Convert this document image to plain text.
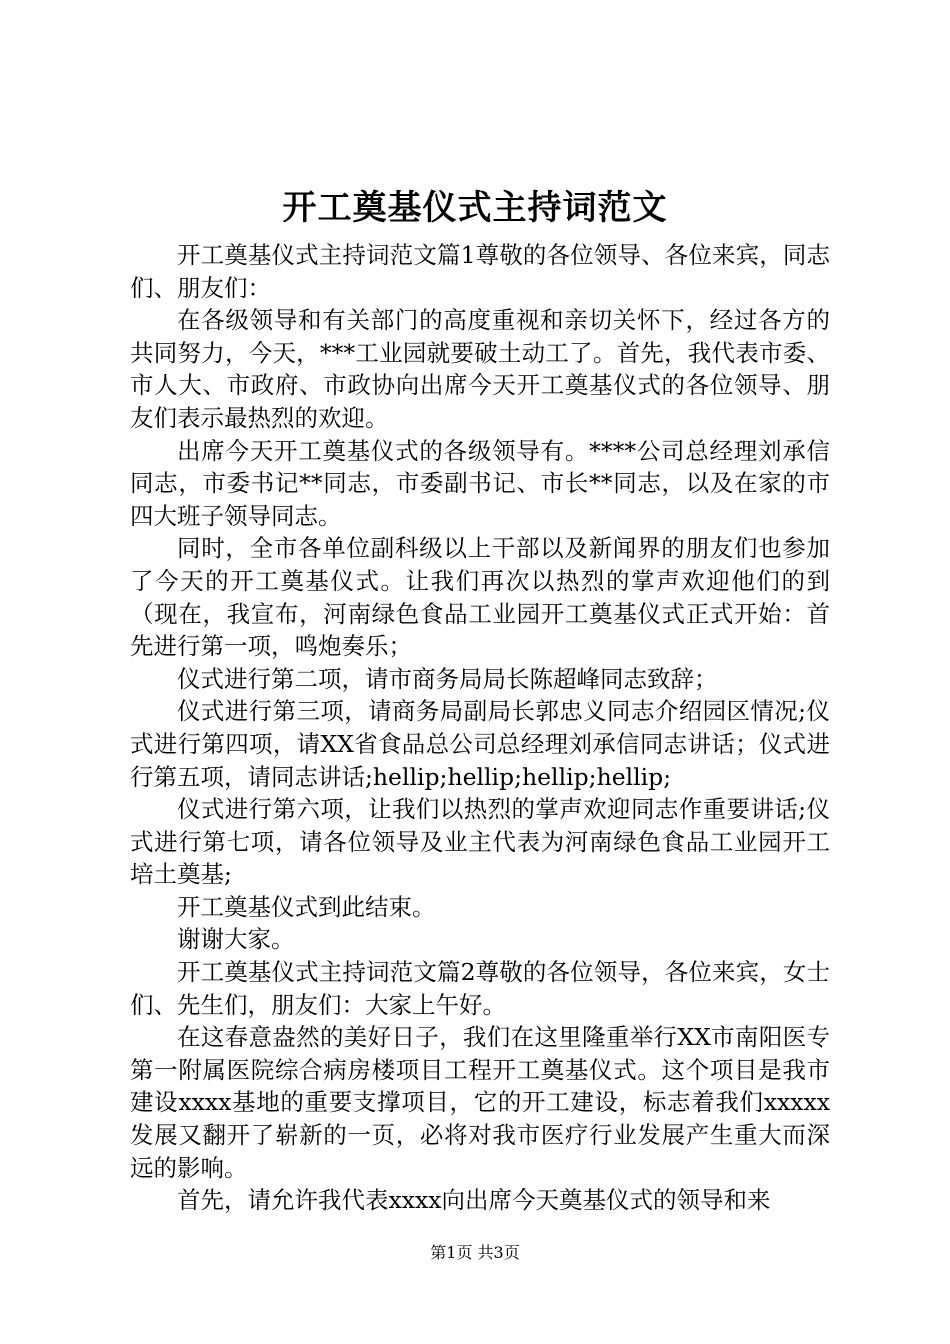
开工奠基仪式主持词范文

开工奠基仪式主持词范文篇1尊敬的各位领导、各位来宾，同志们、朋友们：

在各级领导和有关部门的高度重视和亲切关怀下，经过各方的共同努力，今天，***工业园就要破土动工了。首先，我代表市委、市人大、市政府、市政协向出席今天开工奠基仪式的各位领导、朋友们表示最热烈的欢迎。

出席今天开工奠基仪式的各级领导有。****公司总经理刘承信同志，市委书记**同志，市委副书记、市长**同志，以及在家的市四大班子领导同志。

同时，全市各单位副科级以上干部以及新闻界的朋友们也参加了今天的开工奠基仪式。让我们再次以热烈的掌声欢迎他们的到（现在，我宣布，河南绿色食品工业园开工奠基仪式正式开始：首先进行第一项，鸣炮奏乐；

仪式进行第二项，请市商务局局长陈超峰同志致辞；

仪式进行第三项，请商务局副局长郭忠义同志介绍园区情况;仪式进行第四项，请XX省食品总公司总经理刘承信同志讲话；仪式进行第五项，请同志讲话;hellip;hellip;hellip;hellip;

仪式进行第六项，让我们以热烈的掌声欢迎同志作重要讲话;仪式进行第七项，请各位领导及业主代表为河南绿色食品工业园开工培土奠基;

开工奠基仪式到此结束。

谢谢大家。

开工奠基仪式主持词范文篇2尊敬的各位领导，各位来宾，女士们、先生们，朋友们：大家上午好。

在这春意盎然的美好日子，我们在这里隆重举行XX市南阳医专第一附属医院综合病房楼项目工程开工奠基仪式。这个项目是我市建设xxxx基地的重要支撑项目，它的开工建设，标志着我们xxxxx发展又翻开了崭新的一页，必将对我市医疗行业发展产生重大而深远的影响。

首先，请允许我代表xxxx向出席今天奠基仪式的领导和来

第1页 共3页
